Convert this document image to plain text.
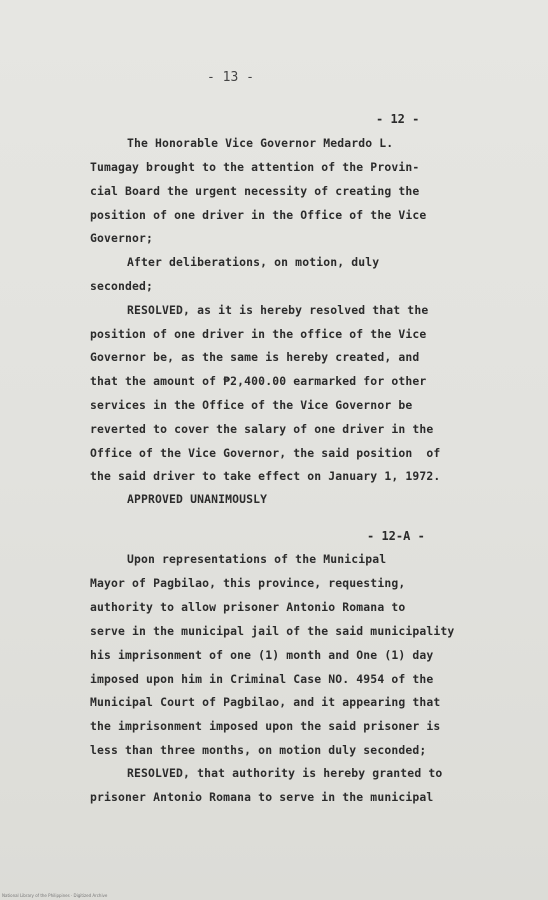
- 13 -
- 12 -
The Honorable Vice Governor Medardo L.
Tumagay brought to the attention of the Provin-
cial Board the urgent necessity of creating the
position of one driver in the Office of the Vice
Governor;
After deliberations, on motion, duly
seconded;
RESOLVED, as it is hereby resolved that the
position of one driver in the office of the Vice
Governor be, as the same is hereby created, and
that the amount of ₱2,400.00 earmarked for other
services in the Office of the Vice Governor be
reverted to cover the salary of one driver in the
Office of the Vice Governor, the said position  of
the said driver to take effect on January 1, 1972.
APPROVED UNANIMOUSLY
- 12-A -
Upon representations of the Municipal
Mayor of Pagbilao, this province, requesting,
authority to allow prisoner Antonio Romana to
serve in the municipal jail of the said municipality
his imprisonment of one (1) month and One (1) day
imposed upon him in Criminal Case NO. 4954 of the
Municipal Court of Pagbilao, and it appearing that
the imprisonment imposed upon the said prisoner is
less than three months, on motion duly seconded;
RESOLVED, that authority is hereby granted to
prisoner Antonio Romana to serve in the municipal
National Library of the Philippines · Digitized Archive
